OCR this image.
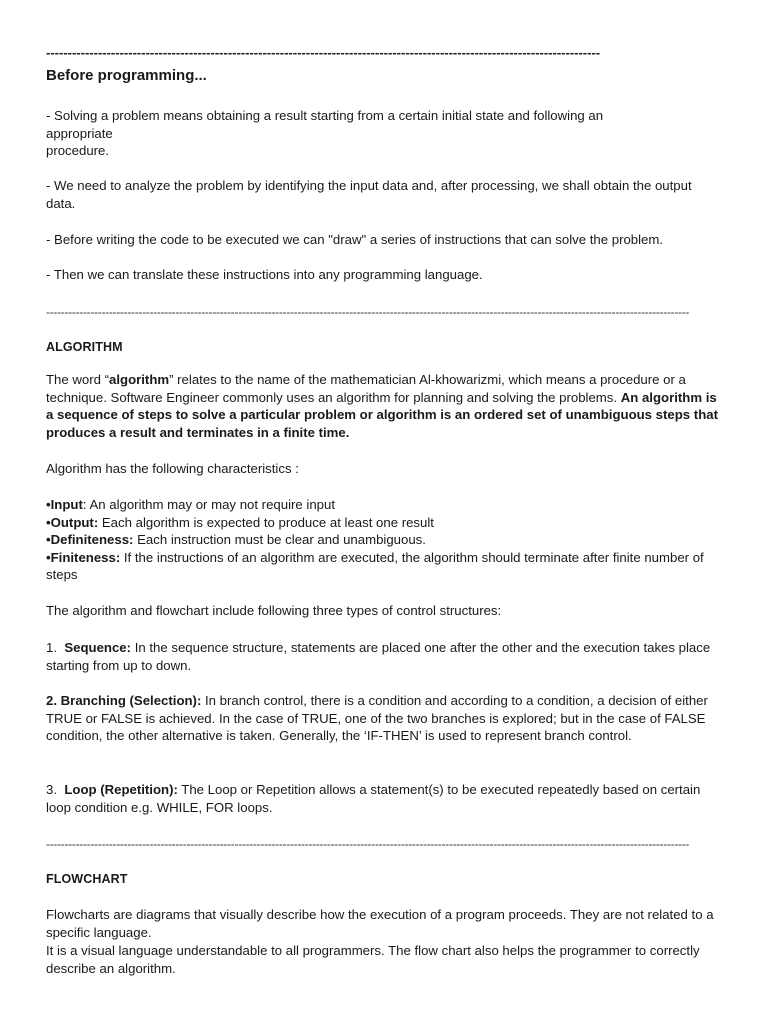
--------------------------------------------------------------------------------------------------------------------------------
Before programming...
- Solving a problem means obtaining a result starting from a certain initial state and following an
appropriate
procedure.

- We need to analyze the problem by identifying the input data and, after processing, we shall obtain the output data.

- Before writing the code to be executed we can "draw" a series of instructions that can solve the problem.

- Then we can translate these instructions into any programming language.

------------------------------------------------------------------------------------------------------------------------------------------------------------------------------
ALGORITHM

The word “algorithm” relates to the name of the mathematician Al-khowarizmi, which means a procedure or a technique. Software Engineer commonly uses an algorithm for planning and solving the problems. An algorithm is a sequence of steps to solve a particular problem or algorithm is an ordered set of unambiguous steps that produces a result and terminates in a finite time.

Algorithm has the following characteristics :

•Input: An algorithm may or may not require input
•Output: Each algorithm is expected to produce at least one result
•Definiteness: Each instruction must be clear and unambiguous.
•Finiteness: If the instructions of an algorithm are executed, the algorithm should terminate after finite number of steps

The algorithm and flowchart include following three types of control structures:

1.  Sequence: In the sequence structure, statements are placed one after the other and the execution takes place starting from up to down.

2. Branching (Selection): In branch control, there is a condition and according to a condition, a decision of either TRUE or FALSE is achieved. In the case of TRUE, one of the two branches is explored; but in the case of FALSE condition, the other alternative is taken. Generally, the ‘IF-THEN’ is used to represent branch control.

3.  Loop (Repetition): The Loop or Repetition allows a statement(s) to be executed repeatedly based on certain loop condition e.g. WHILE, FOR loops.

------------------------------------------------------------------------------------------------------------------------------------------------------------------------------
FLOWCHART

Flowcharts are diagrams that visually describe how the execution of a program proceeds. They are not related to a specific language.

It is a visual language understandable to all programmers. The flow chart also helps the programmer to correctly describe an algorithm.
